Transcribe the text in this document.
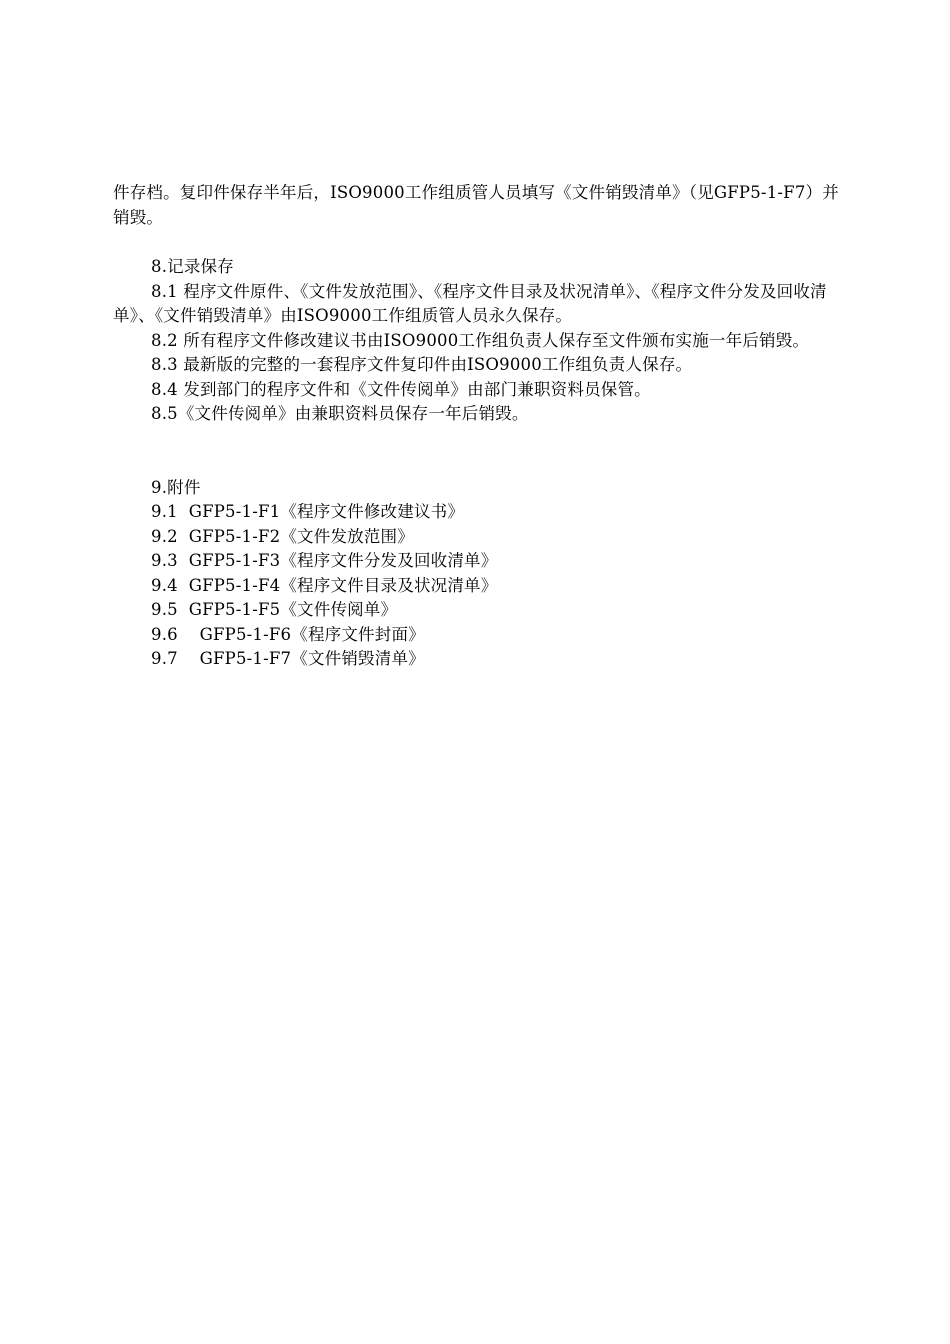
件存档。复印件保存半年后，ISO9000工作组质管人员填写《文件销毁清单》（见GFP5-1-F7）并销毁。

8.记录保存

8.1 程序文件原件、《文件发放范围》、《程序文件目录及状况清单》、《程序文件分发及回收清单》、《文件销毁清单》由ISO9000工作组质管人员永久保存。

8.2 所有程序文件修改建议书由ISO9000工作组负责人保存至文件颁布实施一年后销毁。

8.3 最新版的完整的一套程序文件复印件由ISO9000工作组负责人保存。

8.4 发到部门的程序文件和《文件传阅单》由部门兼职资料员保管。

8.5《文件传阅单》由兼职资料员保存一年后销毁。

9.附件

9.1  GFP5-1-F1《程序文件修改建议书》

9.2  GFP5-1-F2《文件发放范围》

9.3  GFP5-1-F3《程序文件分发及回收清单》

9.4  GFP5-1-F4《程序文件目录及状况清单》

9.5  GFP5-1-F5《文件传阅单》

9.6    GFP5-1-F6《程序文件封面》

9.7    GFP5-1-F7《文件销毁清单》
